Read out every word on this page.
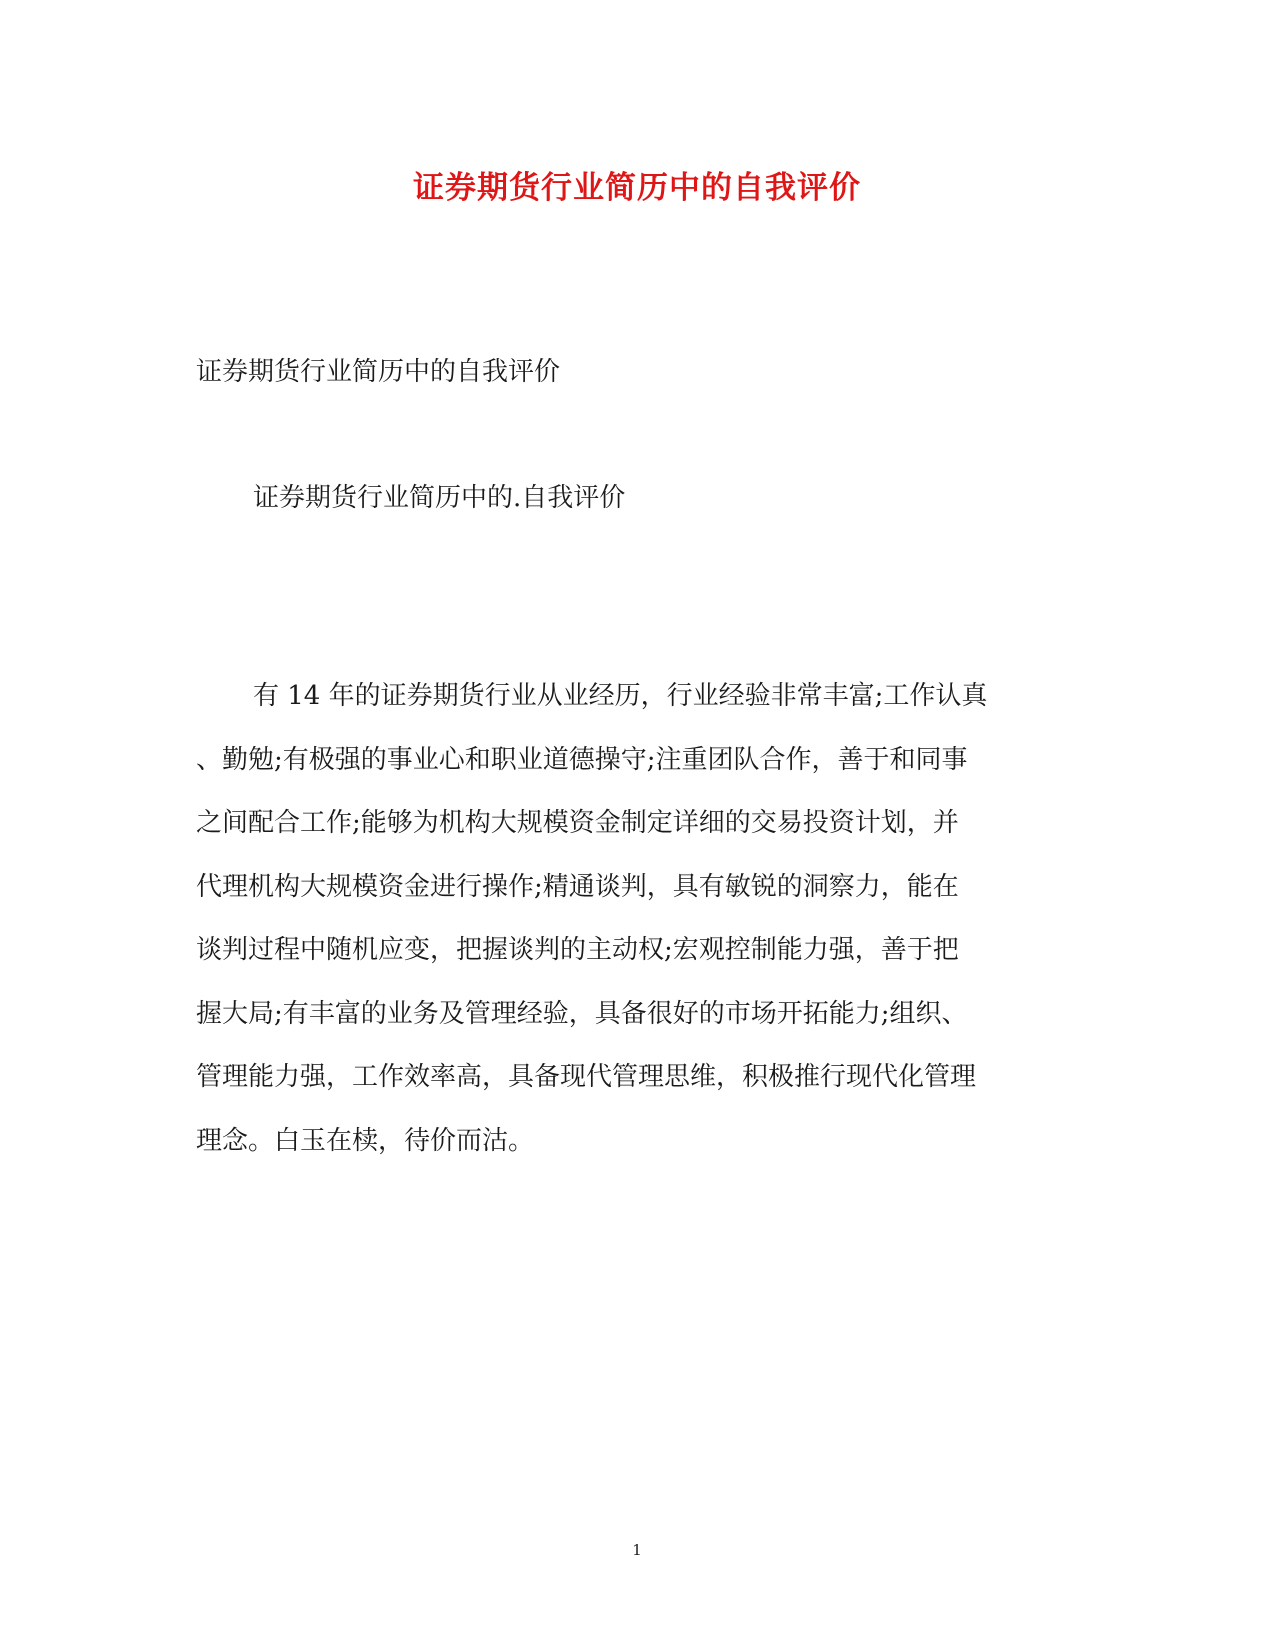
证券期货行业简历中的自我评价
证券期货行业简历中的自我评价
证券期货行业简历中的.自我评价
有 14 年的证券期货行业从业经历，行业经验非常丰富;工作认真
、勤勉;有极强的事业心和职业道德操守;注重团队合作，善于和同事
之间配合工作;能够为机构大规模资金制定详细的交易投资计划，并
代理机构大规模资金进行操作;精通谈判，具有敏锐的洞察力，能在
谈判过程中随机应变，把握谈判的主动权;宏观控制能力强，善于把
握大局;有丰富的业务及管理经验，具备很好的市场开拓能力;组织、
管理能力强，工作效率高，具备现代管理思维，积极推行现代化管理
理念。白玉在椟，待价而沽。
1
